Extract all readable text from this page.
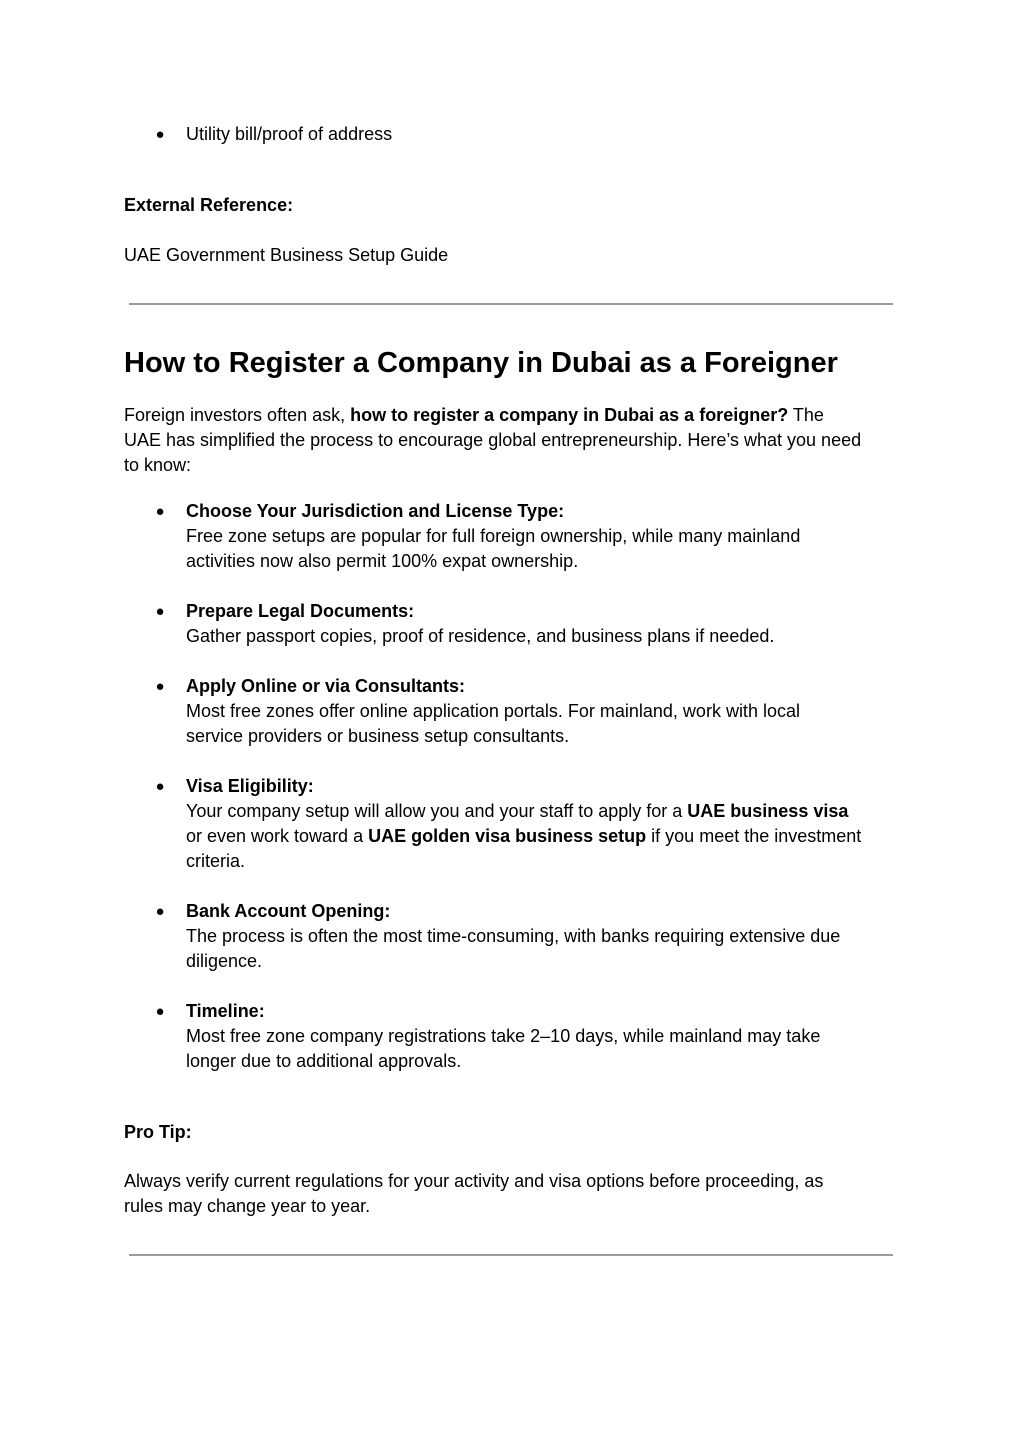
● Utility bill/proof of address
External Reference:
UAE Government Business Setup Guide
How to Register a Company in Dubai as a Foreigner
Foreign investors often ask, how to register a company in Dubai as a foreigner? The
UAE has simplified the process to encourage global entrepreneurship. Here’s what you need
to know:
● Choose Your Jurisdiction and License Type:
Free zone setups are popular for full foreign ownership, while many mainland
activities now also permit 100% expat ownership.
● Prepare Legal Documents:
Gather passport copies, proof of residence, and business plans if needed.
● Apply Online or via Consultants:
Most free zones offer online application portals. For mainland, work with local
service providers or business setup consultants.
● Visa Eligibility:
Your company setup will allow you and your staff to apply for a UAE business visa
or even work toward a UAE golden visa business setup if you meet the investment
criteria.
● Bank Account Opening:
The process is often the most time-consuming, with banks requiring extensive due
diligence.
● Timeline:
Most free zone company registrations take 2–10 days, while mainland may take
longer due to additional approvals.
Pro Tip:
Always verify current regulations for your activity and visa options before proceeding, as
rules may change year to year.
